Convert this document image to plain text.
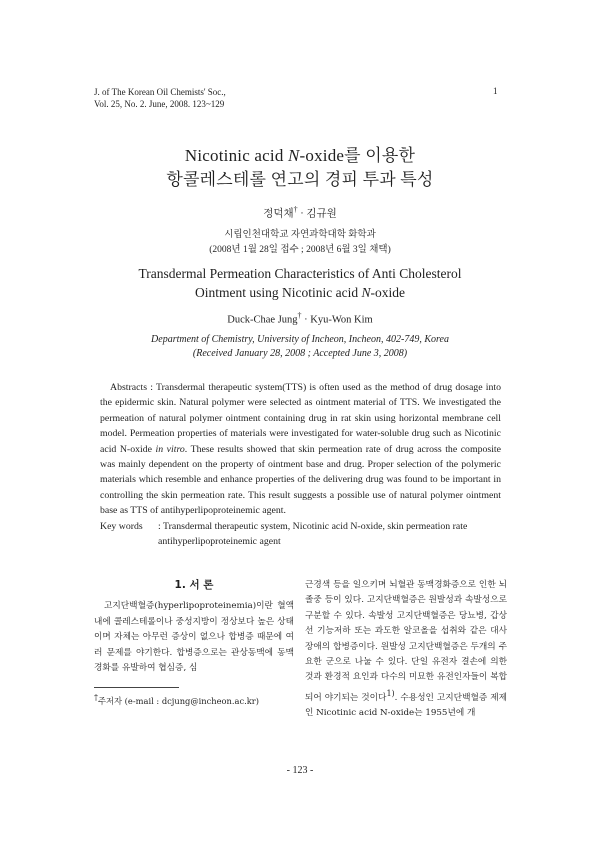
J. of The Korean Oil Chemists' Soc.,
Vol. 25, No. 2. June, 2008. 123~129
1
Nicotinic acid N-oxide를 이용한
항콜레스테롤 연고의 경피 투과 특성
정덕채† · 김규원
시립인천대학교 자연과학대학 화학과
(2008년 1월 28일 접수 ; 2008년 6월 3일 채택)
Transdermal Permeation Characteristics of Anti Cholesterol
Ointment using Nicotinic acid N-oxide
Duck-Chae Jung† · Kyu-Won Kim
Department of Chemistry, University of Incheon, Incheon, 402-749, Korea
(Received January 28, 2008 ; Accepted June 3, 2008)
Abstracts : Transdermal therapeutic system(TTS) is often used as the method of drug dosage into the epidermic skin. Natural polymer were selected as ointment material of TTS. We investigated the permeation of natural polymer ointment containing drug in rat skin using horizontal membrane cell model. Permeation properties of materials were investigated for water-soluble drug such as Nicotinic acid N-oxide in vitro. These results showed that skin permeation rate of drug across the composite was mainly dependent on the property of ointment base and drug. Proper selection of the polymeric materials which resemble and enhance properties of the delivering drug was found to be important in controlling the skin permeation rate. This result suggests a possible use of natural polymer ointment base as TTS of antihyperlipoproteinemic agent.
Key words : Transdermal therapeutic system, Nicotinic acid N-oxide, skin permeation rate
antihyperlipoproteinemic agent
1. 서 론
고지단백혈증(hyperlipoproteinemia)이란 혈액내에 콜레스테롤이나 중성지방이 정상보다 높은 상태이며 자체는 아무런 증상이 없으나 합병증 때문에 여러 문제를 야기한다. 합병증으로는 관상동맥에 동맥경화를 유발하여 협심증, 심
근경색 등을 일으키며 뇌혈관 동맥경화증으로 인한 뇌졸중 등이 있다. 고지단백혈증은 원발성과 속발성으로 구분할 수 있다. 속발성 고지단백혈증은 당뇨병, 갑상선 기능저하 또는 과도한 알코올을 섭취와 같은 대사장애의 합병증이다. 원발성 고지단백혈증은 두개의 주요한 군으로 나눌 수 있다. 단일 유전자 결손에 의한 것과 환경적 요인과 다수의 미묘한 유전인자들이 복합되어 야기되는 것이다$^{1)}$. 수용성인 고지단백혈증 제제인 Nicotinic acid N-oxide는 1955년에 개
†주저자 (e-mail : dcjung@incheon.ac.kr)
- 123 -
